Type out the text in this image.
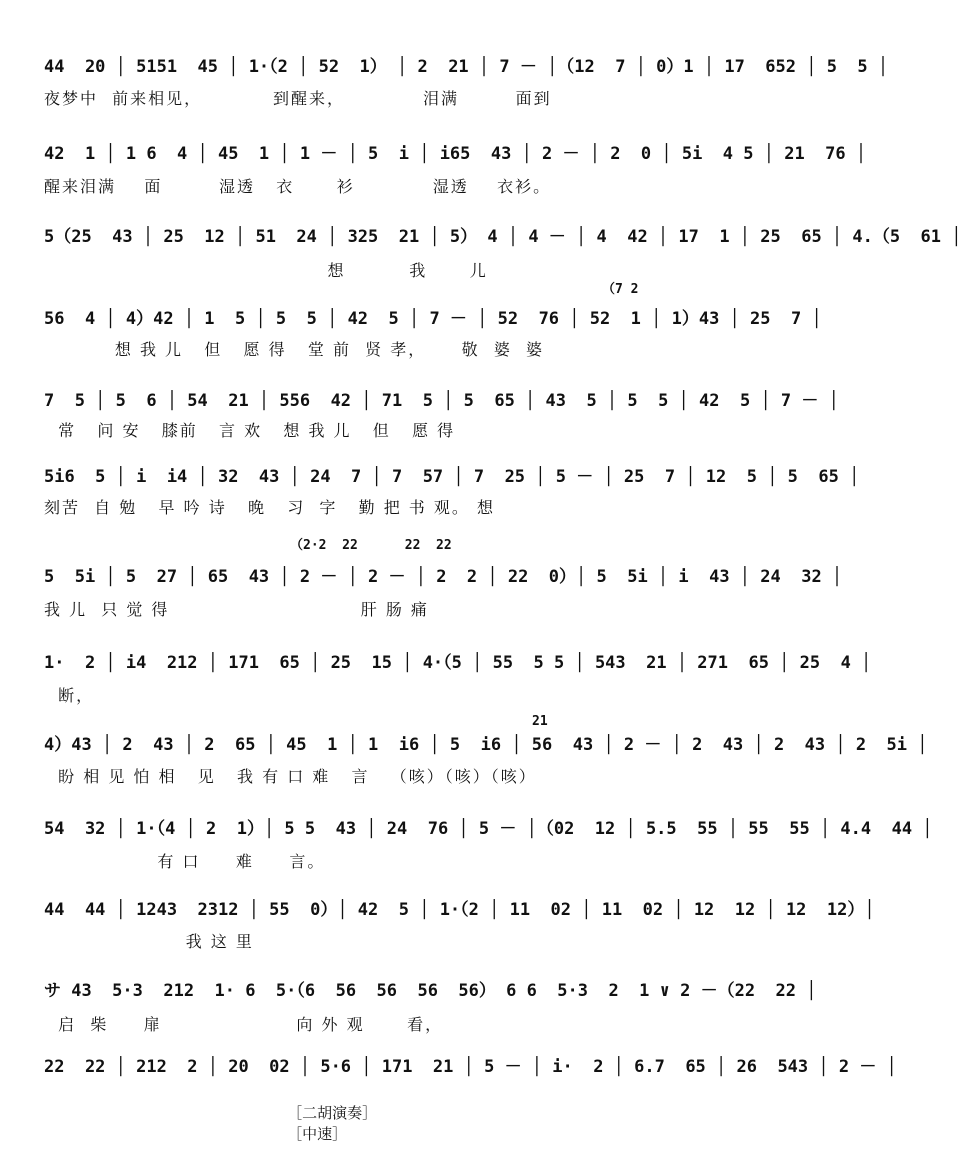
44  20 │ 5151  45 │ 1·（2 │ 52  1） │ 2  21 │ 7 － │（12  7 │ 0）1 │ 17  652 │ 5  5 │
夜梦中  前来相见，          到醒来，           泪满        面到
42  1 │ 1 6  4 │ 45  1 │ 1 － │ 5  i │ i65  43 │ 2 － │ 2  0 │ 5i  4 5 │ 21  76 │
醒来泪满    面        湿透   衣      衫           湿透    衣衫。
5（25  43 │ 25  12 │ 51  24 │ 325  21 │ 5） 4 │ 4 － │ 4  42 │ 17  1 │ 25  65 │ 4.（5  61 │
想         我      儿
（7 2
56  4 │ 4）42 │ 1  5 │ 5  5 │ 42  5 │ 7 － │ 52  76 │ 52  1 │ 1）43 │ 25  7 │
想 我 儿   但   愿 得   堂 前  贤 孝，     敬  婆  婆
7  5 │ 5  6 │ 54  21 │ 556  42 │ 71  5 │ 5  65 │ 43  5 │ 5  5 │ 42  5 │ 7 － │
常   问 安   膝前   言 欢   想 我 儿   但   愿 得
5i6  5 │ i  i4 │ 32  43 │ 24  7 │ 7  57 │ 7  25 │ 5 － │ 25  7 │ 12  5 │ 5  65 │
刻苦  自 勉   早 吟 诗   晚   习  字   勤 把 书 观。 想
（2·2  22      22  22
5  5i │ 5  27 │ 65  43 │ 2 － │ 2 － │ 2  2 │ 22  0）│ 5  5i │ i  43 │ 24  32 │
我 儿  只 觉 得                           肝 肠 痛
1·  2 │ i4  212 │ 171  65 │ 25  15 │ 4·（5 │ 55  5 5 │ 543  21 │ 271  65 │ 25  4 │
断，
21
4）43 │ 2  43 │ 2  65 │ 45  1 │ 1  i6 │ 5  i6 │ 56  43 │ 2 － │ 2  43 │ 2  43 │ 2  5i │
盼 相 见 怕 相   见   我 有 口 难   言   （咳）（咳）（咳）
54  32 │ 1·（4 │ 2  1）│ 5 5  43 │ 24  76 │ 5 － │（02  12 │ 5.5  55 │ 55  55 │ 4.4  44 │
有 口     难     言。
44  44 │ 1243  2312 │ 55  0）│ 42  5 │ 1·（2 │ 11  02 │ 11  02 │ 12  12 │ 12  12）│
我 这 里
サ 43  5·3  212  1· 6  5·（6  56  56  56  56） 6 6  5·3  2  1 ∨ 2 －（22  22 │
启  柴     扉                   向 外 观      看，
22  22 │ 212  2 │ 20  02 │ 5·6 │ 171  21 │ 5 － │ i·  2 │ 6.7  65 │ 26  543 │ 2 － │

［二胡演奏］
［中速］
